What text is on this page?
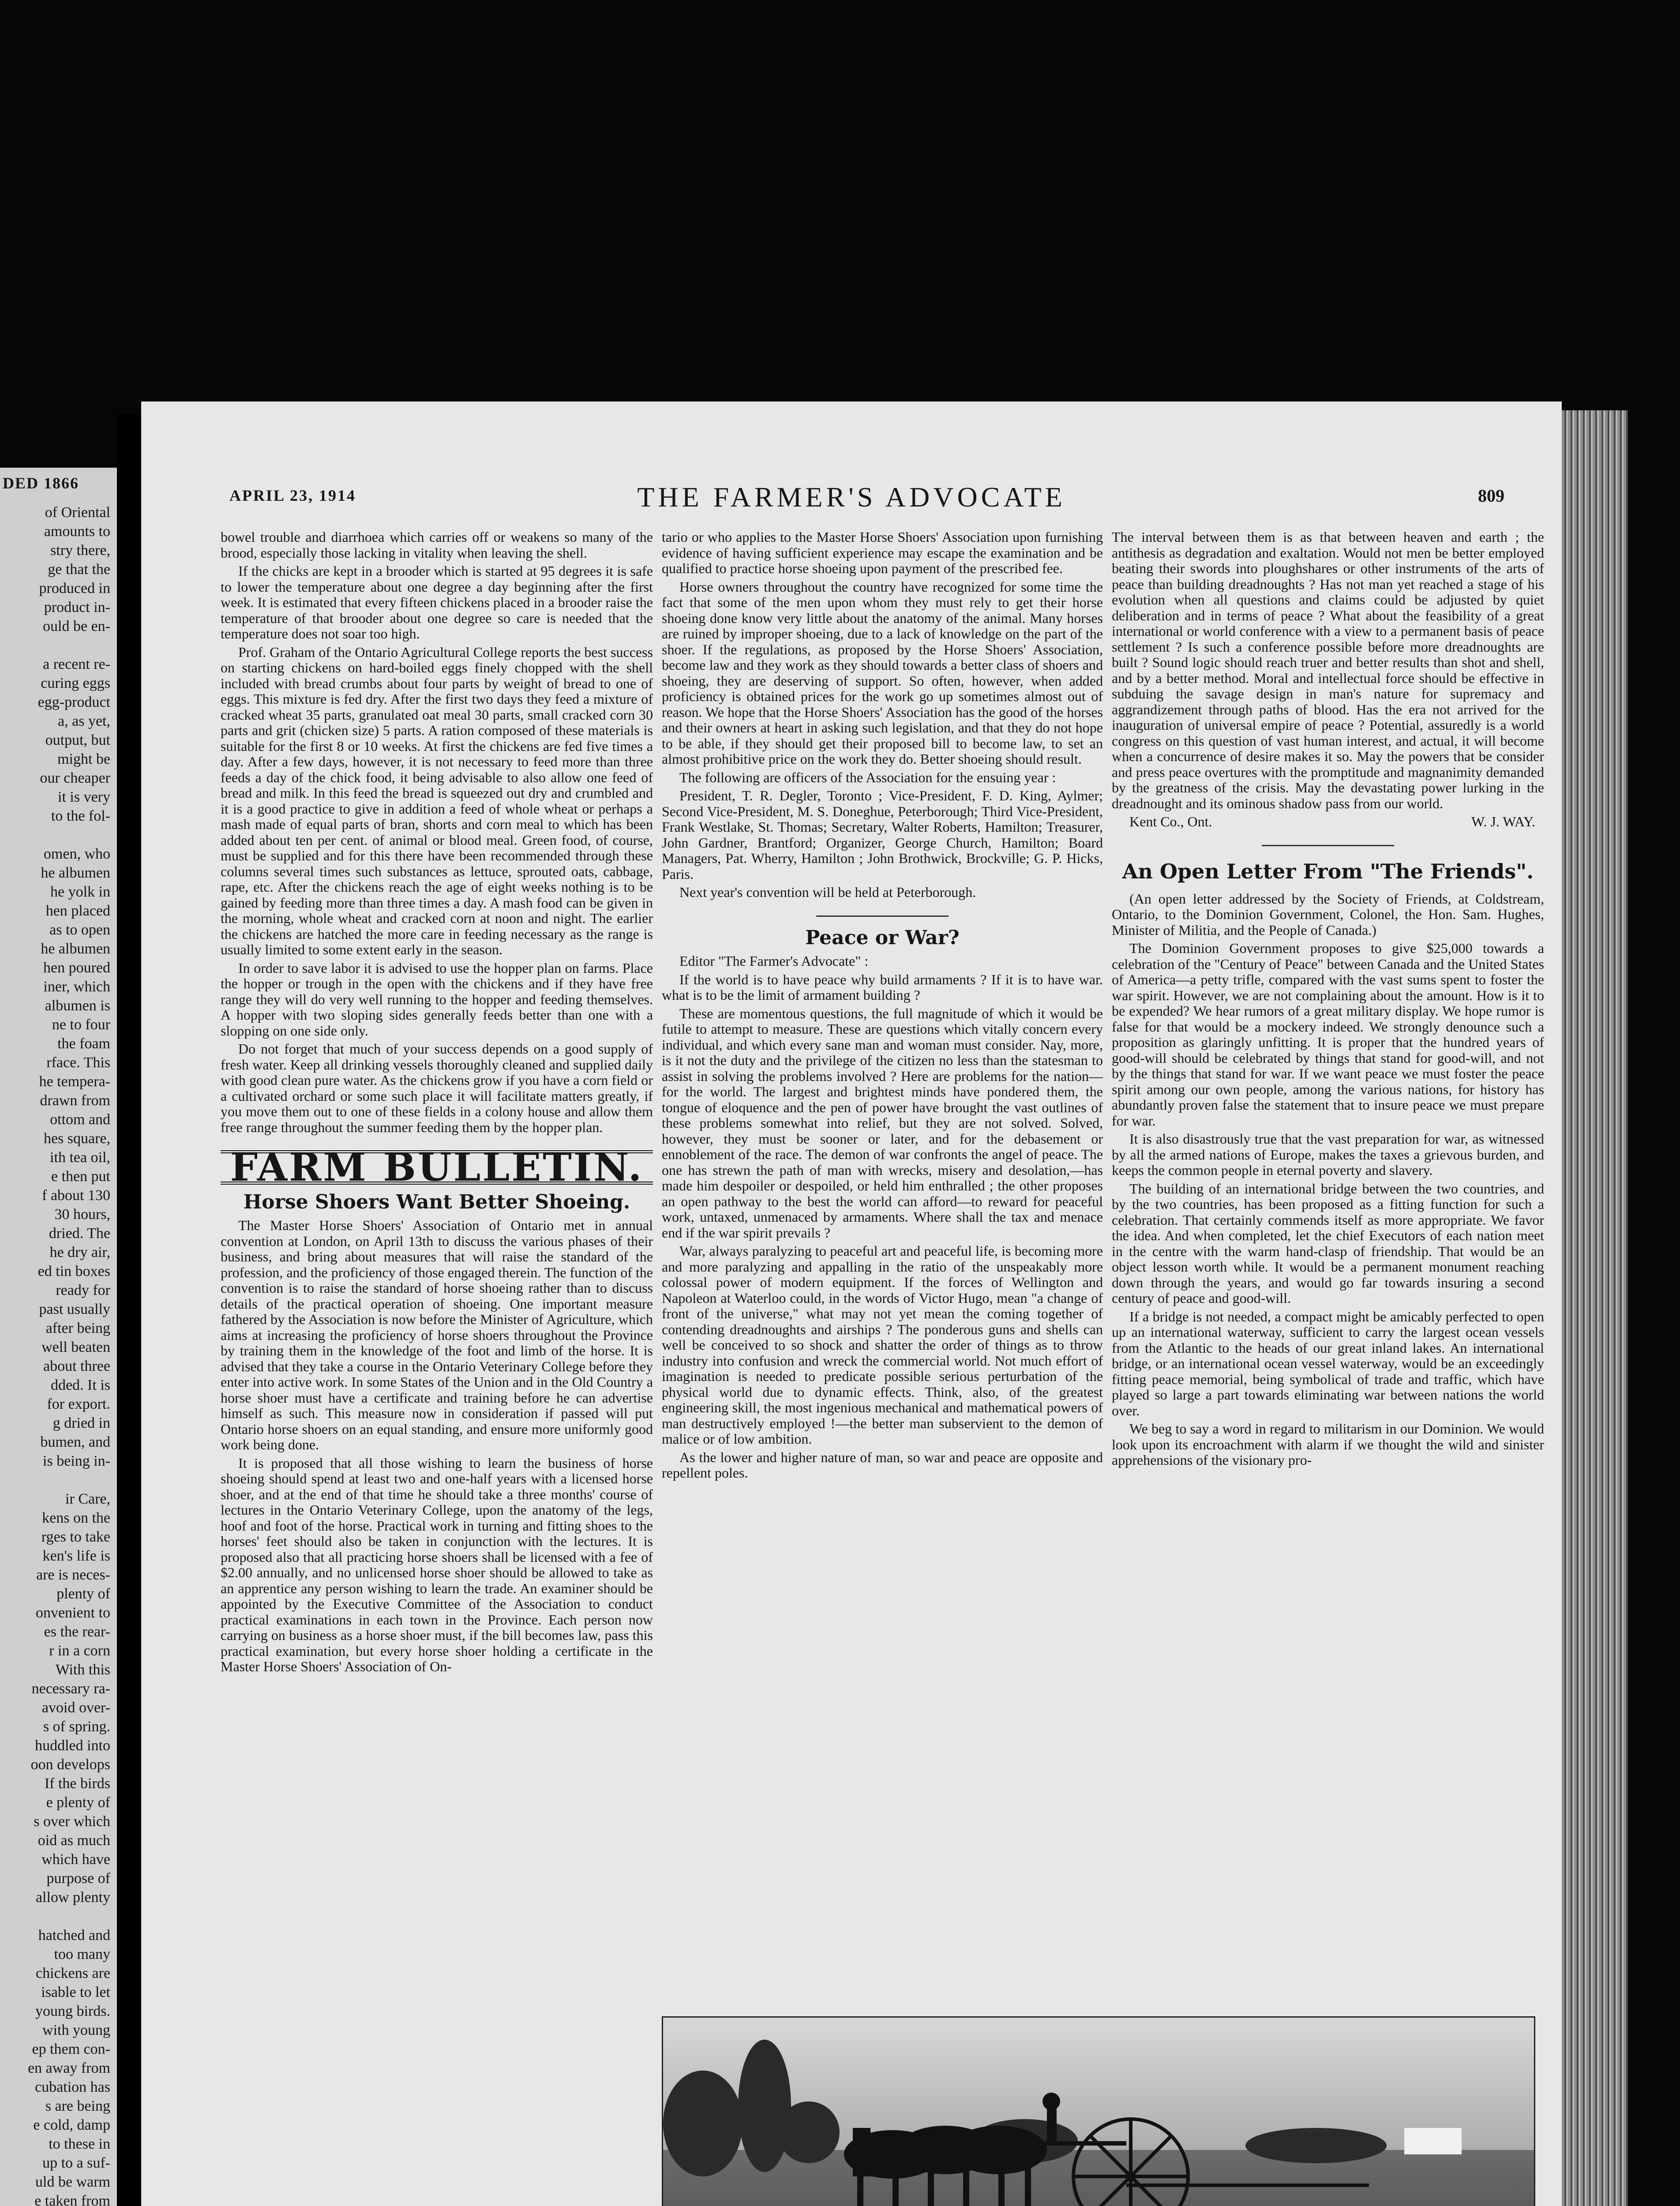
DED 1866
of Oriental
amounts to
stry there,
ge that the
produced in
product in-
ould be en-

a recent re-
curing eggs
egg-product
a, as yet,
output, but
might be
our cheaper
it is very
to the fol-

omen, who
he albumen
he yolk in
hen placed
as to open
he albumen
hen poured
iner, which
albumen is
ne to four
the foam
rface. This
he tempera-
drawn from
ottom and
hes square,
ith tea oil,
e then put
f about 130
30 hours,
dried. The
he dry air,
ed tin boxes
ready for
past usually
after being
well beaten
about three
dded. It is
for export.
g dried in
bumen, and
is being in-

ir Care,
kens on the
rges to take
ken's life is
are is neces-
plenty of
onvenient to
es the rear-
r in a corn
With this
necessary ra-
avoid over-
s of spring.
huddled into
oon develops
If the birds
e plenty of
s over which
oid as much
which have
purpose of
allow plenty

hatched and
too many
chickens are
isable to let
young birds.
with young
ep them con-
en away from
cubation has
s are being
e cold, damp
to these in
up to a suf-
uld be warm
e taken from

APRIL 23, 1914	THE FARMER'S ADVOCATE	809

bowel trouble and diarrhoea which carries off or weakens so many of the brood, especially those lacking in vitality when leaving the shell.

If the chicks are kept in a brooder which is started at 95 degrees it is safe to lower the temperature about one degree a day beginning after the first week. It is estimated that every fifteen chickens placed in a brooder raise the temperature of that brooder about one degree so care is needed that the temperature does not soar too high.

Prof. Graham of the Ontario Agricultural College reports the best success on starting chickens on hard-boiled eggs finely chopped with the shell included with bread crumbs about four parts by weight of bread to one of eggs. This mixture is fed dry. After the first two days they feed a mixture of cracked wheat 35 parts, granulated oat meal 30 parts, small cracked corn 30 parts and grit (chicken size) 5 parts. A ration composed of these materials is suitable for the first 8 or 10 weeks. At first the chickens are fed five times a day. After a few days, however, it is not necessary to feed more than three feeds a day of the chick food, it being advisable to also allow one feed of bread and milk. In this feed the bread is squeezed out dry and crumbled and it is a good practice to give in addition a feed of whole wheat or perhaps a mash made of equal parts of bran, shorts and corn meal to which has been added about ten per cent. of animal or blood meal. Green food, of course, must be supplied and for this there have been recommended through these columns several times such substances as lettuce, sprouted oats, cabbage, rape, etc. After the chickens reach the age of eight weeks nothing is to be gained by feeding more than three times a day. A mash food can be given in the morning, whole wheat and cracked corn at noon and night. The earlier the chickens are hatched the more care in feeding necessary as the range is usually limited to some extent early in the season.

In order to save labor it is advised to use the hopper plan on farms. Place the hopper or trough in the open with the chickens and if they have free range they will do very well running to the hopper and feeding themselves. A hopper with two sloping sides generally feeds better than one with a slopping on one side only.

Do not forget that much of your success depends on a good supply of fresh water. Keep all drinking vessels thoroughly cleaned and supplied daily with good clean pure water. As the chickens grow if you have a corn field or a cultivated orchard or some such place it will facilitate matters greatly, if you move them out to one of these fields in a colony house and allow them free range throughout the summer feeding them by the hopper plan.

FARM BULLETIN.
Horse Shoers Want Better Shoeing.

The Master Horse Shoers' Association of Ontario met in annual convention at London, on April 13th to discuss the various phases of their business, and bring about measures that will raise the standard of the profession, and the proficiency of those engaged therein. The function of the convention is to raise the standard of horse shoeing rather than to discuss details of the practical operation of shoeing. One important measure fathered by the Association is now before the Minister of Agriculture, which aims at increasing the proficiency of horse shoers throughout the Province by training them in the knowledge of the foot and limb of the horse. It is advised that they take a course in the Ontario Veterinary College before they enter into active work. In some States of the Union and in the Old Country a horse shoer must have a certificate and training before he can advertise himself as such. This measure now in consideration if passed will put Ontario horse shoers on an equal standing, and ensure more uniformly good work being done.

It is proposed that all those wishing to learn the business of horse shoeing should spend at least two and one-half years with a licensed horse shoer, and at the end of that time he should take a three months' course of lectures in the Ontario Veterinary College, upon the anatomy of the legs, hoof and foot of the horse. Practical work in turning and fitting shoes to the horses' feet should also be taken in conjunction with the lectures. It is proposed also that all practicing horse shoers shall be licensed with a fee of $2.00 annually, and no unlicensed horse shoer should be allowed to take as an apprentice any person wishing to learn the trade. An examiner should be appointed by the Executive Committee of the Association to conduct practical examinations in each town in the Province. Each person now carrying on business as a horse shoer must, if the bill becomes law, pass this practical examination, but every horse shoer holding a certificate in the Master Horse Shoers' Association of On-

tario or who applies to the Master Horse Shoers' Association upon furnishing evidence of having sufficient experience may escape the examination and be qualified to practice horse shoeing upon payment of the prescribed fee.

Horse owners throughout the country have recognized for some time the fact that some of the men upon whom they must rely to get their horse shoeing done know very little about the anatomy of the animal. Many horses are ruined by improper shoeing, due to a lack of knowledge on the part of the shoer. If the regulations, as proposed by the Horse Shoers' Association, become law and they work as they should towards a better class of shoers and shoeing, they are deserving of support. So often, however, when added proficiency is obtained prices for the work go up sometimes almost out of reason. We hope that the Horse Shoers' Association has the good of the horses and their owners at heart in asking such legislation, and that they do not hope to be able, if they should get their proposed bill to become law, to set an almost prohibitive price on the work they do. Better shoeing should result.

The following are officers of the Association for the ensuing year :

President, T. R. Degler, Toronto ; Vice-President, F. D. King, Aylmer; Second Vice-President, M. S. Doneghue, Peterborough; Third Vice-President, Frank Westlake, St. Thomas; Secretary, Walter Roberts, Hamilton; Treasurer, John Gardner, Brantford; Organizer, George Church, Hamilton; Board Managers, Pat. Wherry, Hamilton ; John Brothwick, Brockville; G. P. Hicks, Paris.

Next year's convention will be held at Peterborough.

Peace or War?

Editor "The Farmer's Advocate" :

If the world is to have peace why build armaments ? If it is to have war. what is to be the limit of armament building ?

These are momentous questions, the full magnitude of which it would be futile to attempt to measure. These are questions which vitally concern every individual, and which every sane man and woman must consider. Nay, more, is it not the duty and the privilege of the citizen no less than the statesman to assist in solving the problems involved ? Here are problems for the nation—for the world. The largest and brightest minds have pondered them, the tongue of eloquence and the pen of power have brought the vast outlines of these problems somewhat into relief, but they are not solved. Solved, however, they must be sooner or later, and for the debasement or ennoblement of the race. The demon of war confronts the angel of peace. The one has strewn the path of man with wrecks, misery and desolation,—has made him despoiler or despoiled, or held him enthralled ; the other proposes an open pathway to the best the world can afford—to reward for peaceful work, untaxed, unmenaced by armaments. Where shall the tax and menace end if the war spirit prevails ?

War, always paralyzing to peaceful art and peaceful life, is becoming more and more paralyzing and appalling in the ratio of the unspeakably more colossal power of modern equipment. If the forces of Wellington and Napoleon at Waterloo could, in the words of Victor Hugo, mean "a change of front of the universe," what may not yet mean the coming together of contending dreadnoughts and airships ? The ponderous guns and shells can well be conceived to so shock and shatter the order of things as to throw industry into confusion and wreck the commercial world. Not much effort of imagination is needed to predicate possible serious perturbation of the physical world due to dynamic effects. Think, also, of the greatest engineering skill, the most ingenious mechanical and mathematical powers of man destructively employed !—the better man subservient to the demon of malice or of low ambition.

As the lower and higher nature of man, so war and peace are opposite and repellent poles.

The interval between them is as that between heaven and earth ; the antithesis as degradation and exaltation. Would not men be better employed beating their swords into ploughshares or other instruments of the arts of peace than building dreadnoughts ? Has not man yet reached a stage of his evolution when all questions and claims could be adjusted by quiet deliberation and in terms of peace ? What about the feasibility of a great international or world conference with a view to a permanent basis of peace settlement ? Is such a conference possible before more dreadnoughts are built ? Sound logic should reach truer and better results than shot and shell, and by a better method. Moral and intellectual force should be effective in subduing the savage design in man's nature for supremacy and aggrandizement through paths of blood. Has the era not arrived for the inauguration of universal empire of peace ? Potential, assuredly is a world congress on this question of vast human interest, and actual, it will become when a concurrence of desire makes it so. May the powers that be consider and press peace overtures with the promptitude and magnanimity demanded by the greatness of the crisis. May the devastating power lurking in the dreadnought and its ominous shadow pass from our world.

Kent Co., Ont.	W. J. WAY.
An Open Letter From "The Friends".

(An open letter addressed by the Society of Friends, at Coldstream, Ontario, to the Dominion Government, Colonel, the Hon. Sam. Hughes, Minister of Militia, and the People of Canada.)

The Dominion Government proposes to give $25,000 towards a celebration of the "Century of Peace" between Canada and the United States of America—a petty trifle, compared with the vast sums spent to foster the war spirit. However, we are not complaining about the amount. How is it to be expended? We hear rumors of a great military display. We hope rumor is false for that would be a mockery indeed. We strongly denounce such a proposition as glaringly unfitting. It is proper that the hundred years of good-will should be celebrated by things that stand for good-will, and not by the things that stand for war. If we want peace we must foster the peace spirit among our own people, among the various nations, for history has abundantly proven false the statement that to insure peace we must prepare for war.

It is also disastrously true that the vast preparation for war, as witnessed by all the armed nations of Europe, makes the taxes a grievous burden, and keeps the common people in eternal poverty and slavery.

The building of an international bridge between the two countries, and by the two countries, has been proposed as a fitting function for such a celebration. That certainly commends itself as more appropriate. We favor the idea. And when completed, let the chief Executors of each nation meet in the centre with the warm hand-clasp of friendship. That would be an object lesson worth while. It would be a permanent monument reaching down through the years, and would go far towards insuring a second century of peace and good-will.

If a bridge is not needed, a compact might be amicably perfected to open up an international waterway, sufficient to carry the largest ocean vessels from the Atlantic to the heads of our great inland lakes. An international bridge, or an international ocean vessel waterway, would be an exceedingly fitting peace memorial, being symbolical of trade and traffic, which have played so large a part towards eliminating war between nations the world over.

We beg to say a word in regard to militarism in our Dominion. We would look upon its encroachment with alarm if we thought the wild and sinister apprehensions of the visionary pro-
